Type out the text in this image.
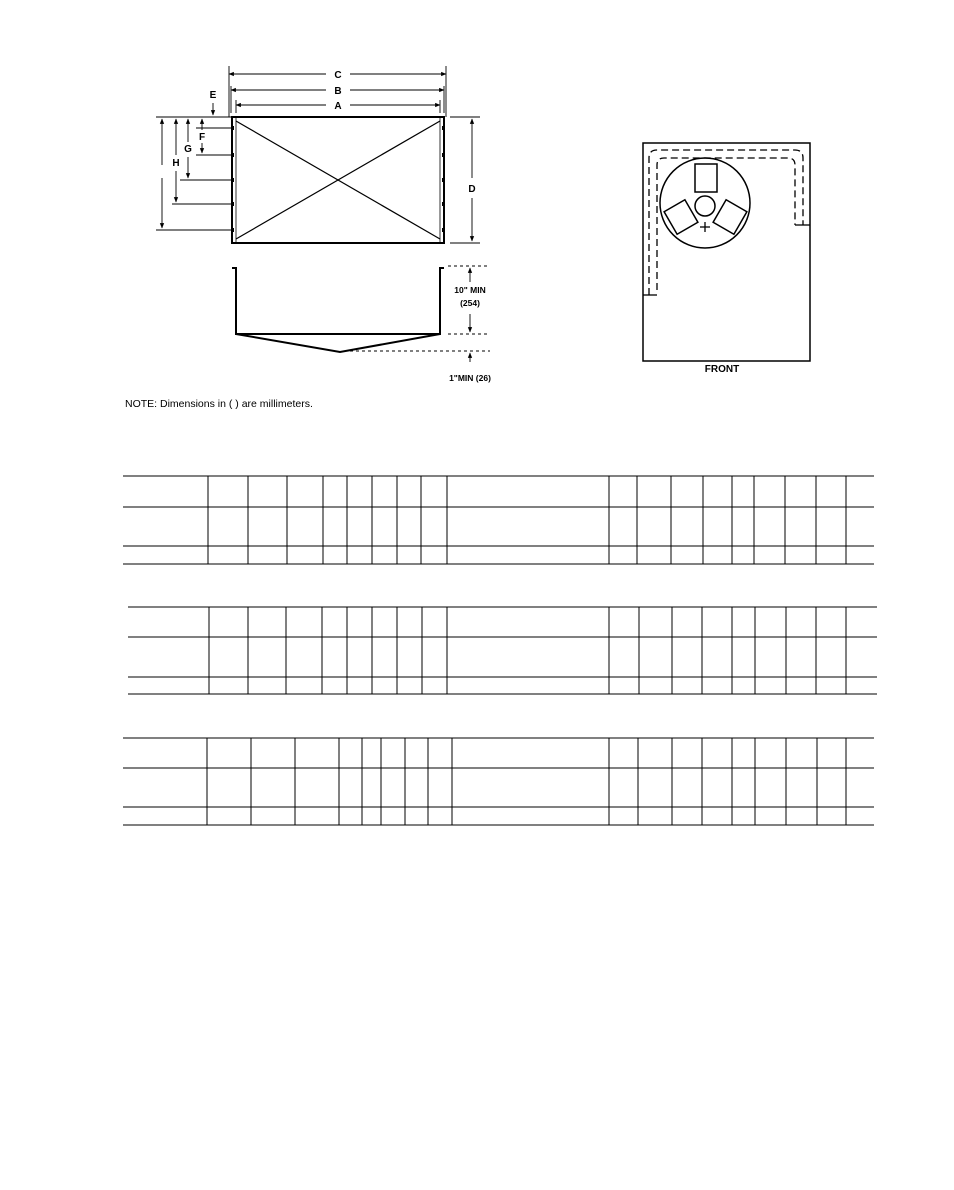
C
B
A
E
F
G
H
D
10" MIN
(254)
1"MIN (26)
FRONT
NOTE: Dimensions in ( ) are millimeters.
